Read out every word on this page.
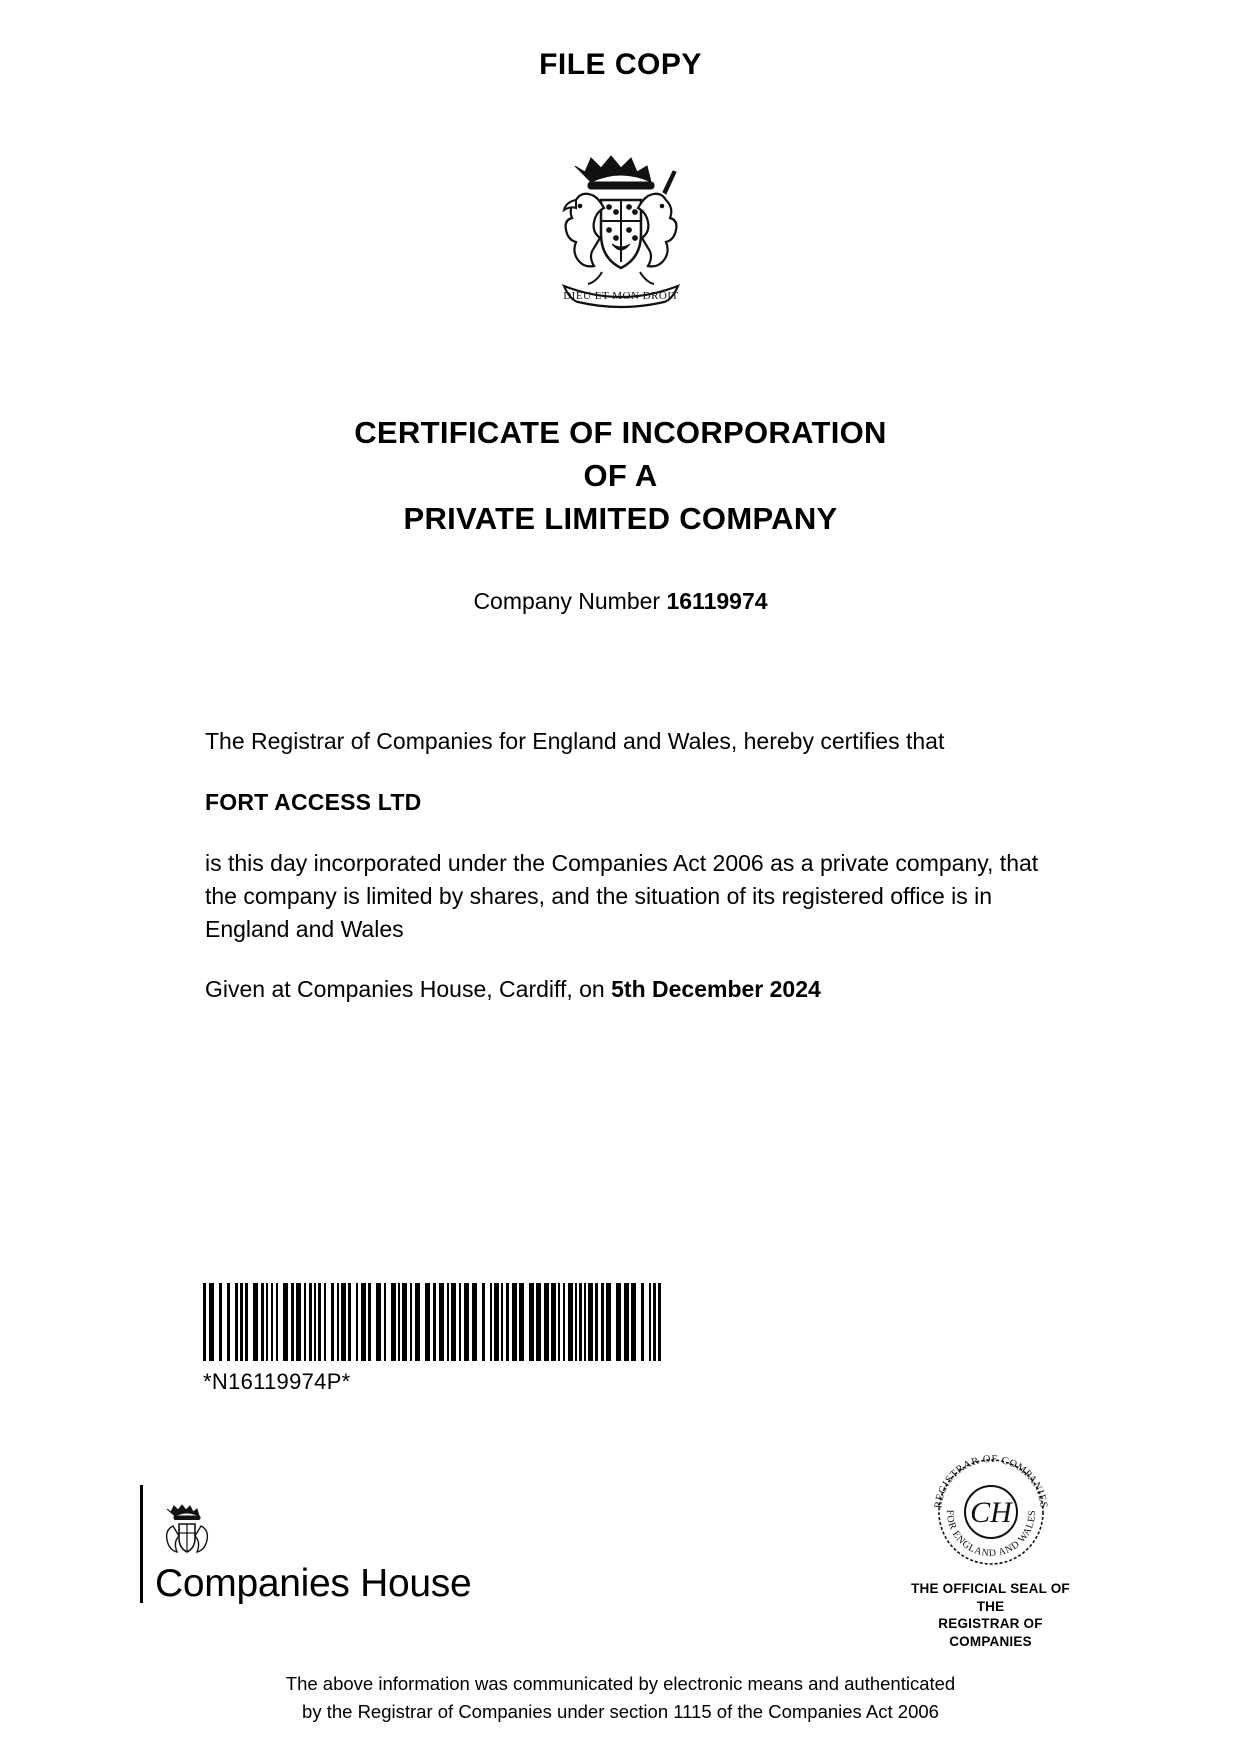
FILE COPY
DIEU ET MON DROIT
CERTIFICATE OF INCORPORATION
OF A
PRIVATE LIMITED COMPANY
Company Number 16119974

The Registrar of Companies for England and Wales, hereby certifies that

FORT ACCESS LTD

is this day incorporated under the Companies Act 2006 as a private company, that the company is limited by shares, and the situation of its registered office is in England and Wales

Given at Companies House, Cardiff, on 5th December 2024

*N16119974P*
Companies House
REGISTRAR OF COMPANIES
FOR ENGLAND AND WALES
CH
THE OFFICIAL SEAL OF THE
REGISTRAR OF COMPANIES
The above information was communicated by electronic means and authenticated
by the Registrar of Companies under section 1115 of the Companies Act 2006
